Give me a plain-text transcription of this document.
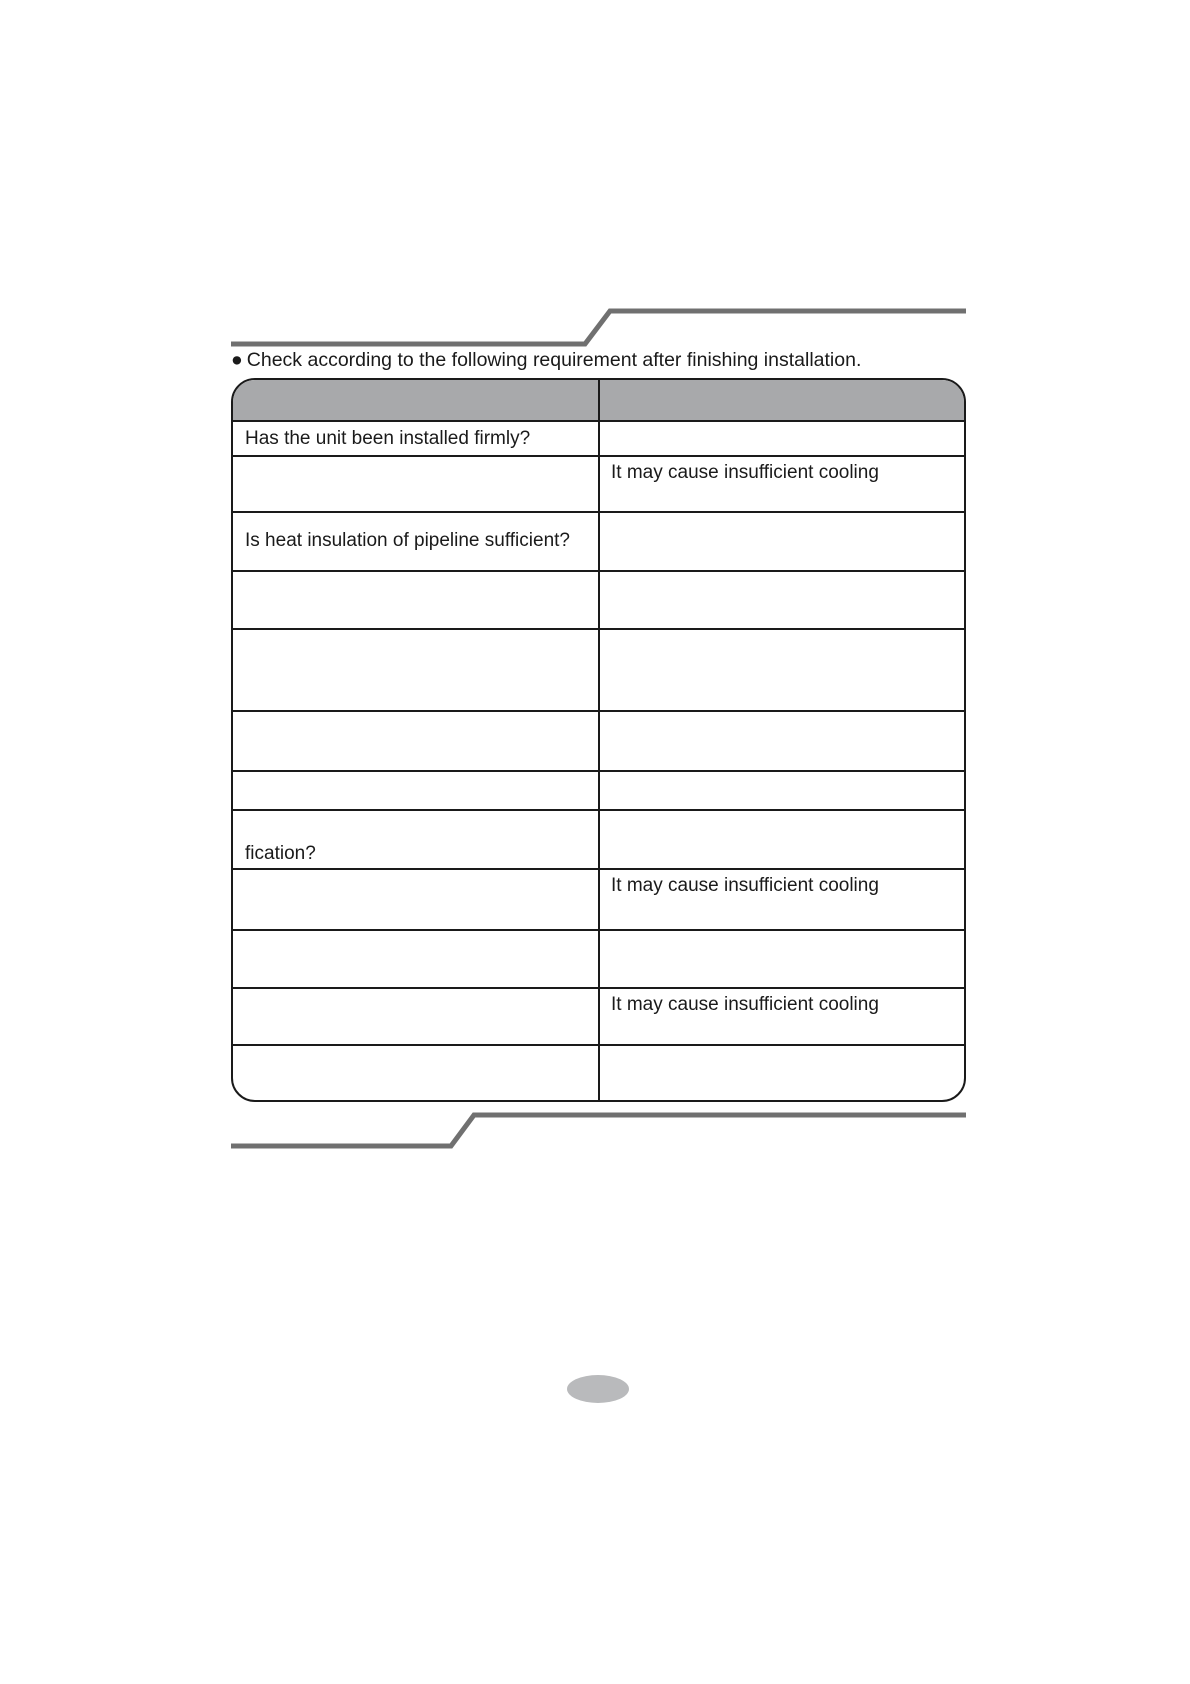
● Check according to the following requirement after finishing installation.
Has the unit been installed firmly?
It may cause insufficient cooling
Is heat insulation of pipeline sufficient?
fication?
It may cause insufficient cooling
It may cause insufficient cooling
